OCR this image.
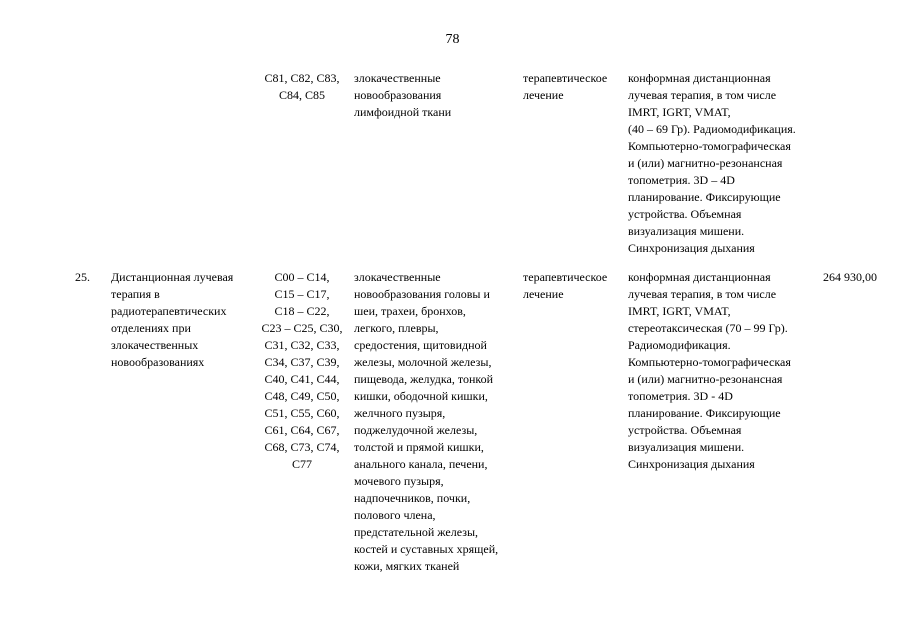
78
С81, С82, С83,
С84, С85
злокачественные
новообразования
лимфоидной ткани
терапевтическое
лечение
конформная дистанционная
лучевая терапия, в том числе
IMRT, IGRT, VMAT,
(40 – 69 Гр). Радиомодификация.
Компьютерно-томографическая
и (или) магнитно-резонансная
топометрия. 3D – 4D
планирование. Фиксирующие
устройства. Объемная
визуализация мишени.
Синхронизация дыхания
25. Дистанционная лучевая
терапия в
радиотерапевтических
отделениях при
злокачественных
новообразованиях
С00 – С14,
С15 – С17,
С18 – С22,
С23 – С25, С30,
С31, С32, С33,
С34, С37, С39,
С40, С41, С44,
С48, С49, С50,
С51, С55, С60,
С61, С64, С67,
С68, С73, С74,
С77
злокачественные
новообразования головы и
шеи, трахеи, бронхов,
легкого, плевры,
средостения, щитовидной
железы, молочной железы,
пищевода, желудка, тонкой
кишки, ободочной кишки,
желчного пузыря,
поджелудочной железы,
толстой и прямой кишки,
анального канала, печени,
мочевого пузыря,
надпочечников, почки,
полового члена,
предстательной железы,
костей и суставных хрящей,
кожи, мягких тканей
терапевтическое
лечение
конформная дистанционная
лучевая терапия, в том числе
IMRT, IGRT, VMAT,
стереотаксическая (70 – 99 Гр).
Радиомодификация.
Компьютерно-томографическая
и (или) магнитно-резонансная
топометрия. 3D - 4D
планирование. Фиксирующие
устройства. Объемная
визуализация мишени.
Синхронизация дыхания
264 930,00
